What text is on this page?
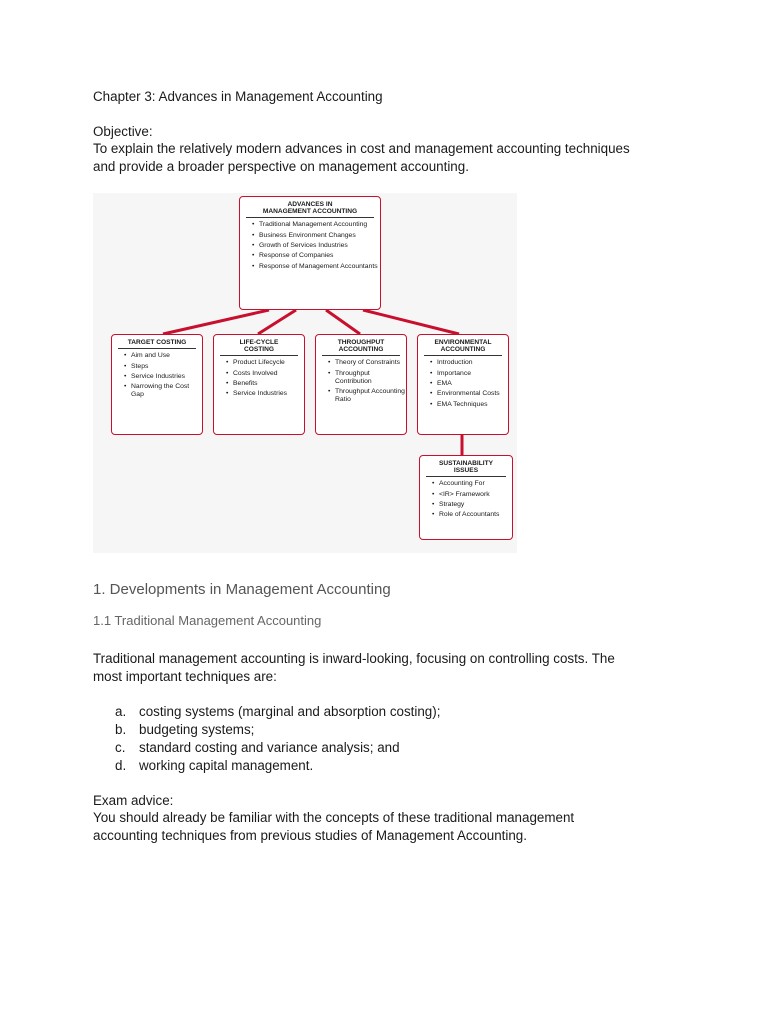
Chapter 3: Advances in Management Accounting
Objective:
To explain the relatively modern advances in cost and management accounting techniques
and provide a broader perspective on management accounting.
ADVANCES IN
MANAGEMENT ACCOUNTING
• Traditional Management Accounting
• Business Environment Changes
• Growth of Services Industries
• Response of Companies
• Response of Management Accountants
TARGET COSTING
• Aim and Use
• Steps
• Service Industries
• Narrowing the Cost Gap
LIFE-CYCLE
COSTING
• Product Lifecycle
• Costs Involved
• Benefits
• Service Industries
THROUGHPUT
ACCOUNTING
• Theory of Constraints
• Throughput Contribution
• Throughput Accounting Ratio
ENVIRONMENTAL
ACCOUNTING
• Introduction
• Importance
• EMA
• Environmental Costs
• EMA Techniques
SUSTAINABILITY
ISSUES
• Accounting For
• <IR> Framework
• Strategy
• Role of Accountants
1. Developments in Management Accounting
1.1 Traditional Management Accounting
Traditional management accounting is inward-looking, focusing on controlling costs. The
most important techniques are:
a. costing systems (marginal and absorption costing);
b. budgeting systems;
c. standard costing and variance analysis; and
d. working capital management.
Exam advice:
You should already be familiar with the concepts of these traditional management
accounting techniques from previous studies of Management Accounting.
